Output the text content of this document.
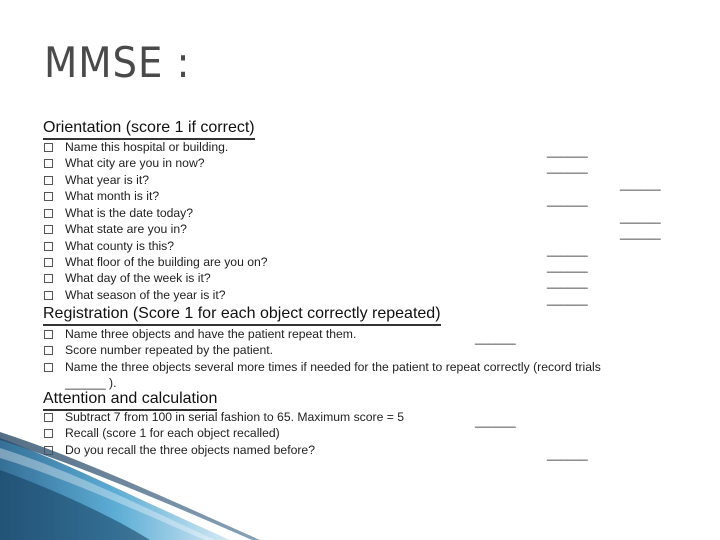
MMSE :
Orientation (score 1 if correct)
Name this hospital or building.
What city are you in now?
What year is it?
What month is it?
What is the date today?
What state are you in?
What county is this?
What floor of the building are you on?
What day of the week is it?
What season of the year is it?
______
______
______
______
______
______
______
______
______
______
Registration (Score 1 for each object correctly repeated)
Name three objects and have the patient repeat them.
Score number repeated by the patient.
Name the three objects several more times if needed for the patient to repeat correctly (record trials
______ ).
______
Attention and calculation
Subtract 7 from 100 in serial fashion to 65. Maximum score = 5
Recall (score 1 for each object recalled)
Do you recall the three objects named before?
______
______
